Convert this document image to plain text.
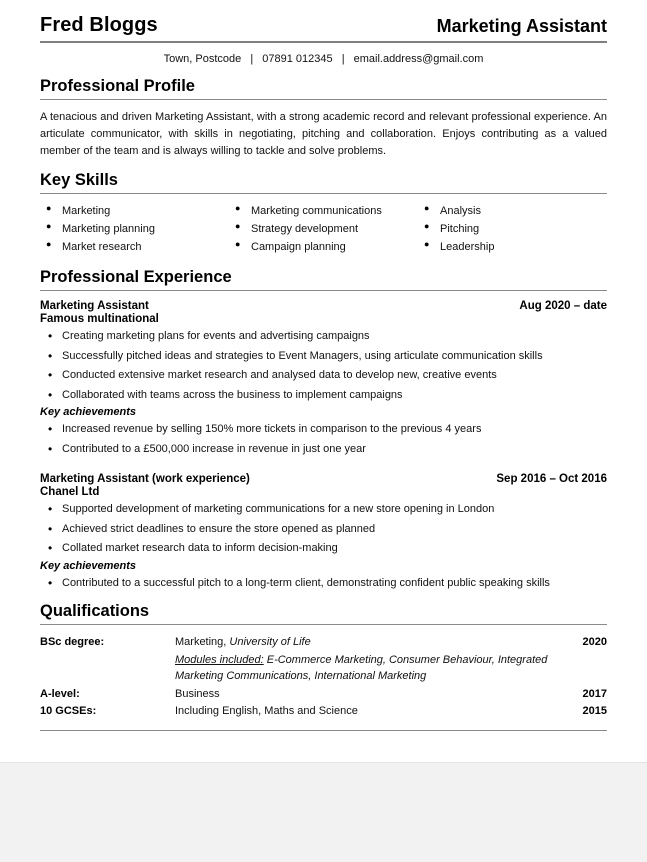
Fred Bloggs	Marketing Assistant
Town, Postcode | 07891 012345 | email.address@gmail.com
Professional Profile

A tenacious and driven Marketing Assistant, with a strong academic record and relevant professional experience. An articulate communicator, with skills in negotiating, pitching and collaboration. Enjoys contributing as a valued member of the team and is always willing to tackle and solve problems.

Key Skills
● Marketing
● Marketing planning
● Market research
● Marketing communications
● Strategy development
● Campaign planning
● Analysis
● Pitching
● Leadership
Professional Experience
Marketing Assistant	Aug 2020 – date
Famous multinational
• Creating marketing plans for events and advertising campaigns
• Successfully pitched ideas and strategies to Event Managers, using articulate communication skills
• Conducted extensive market research and analysed data to develop new, creative events
• Collaborated with teams across the business to implement campaigns
Key achievements
• Increased revenue by selling 150% more tickets in comparison to the previous 4 years
• Contributed to a £500,000 increase in revenue in just one year
Marketing Assistant (work experience)	Sep 2016 – Oct 2016
Chanel Ltd
• Supported development of marketing communications for a new store opening in London
• Achieved strict deadlines to ensure the store opened as planned
• Collated market research data to inform decision-making
Key achievements
• Contributed to a successful pitch to a long-term client, demonstrating confident public speaking skills
Qualifications
BSc degree:	Marketing, University of Life	2020
Modules included: E-Commerce Marketing, Consumer Behaviour, Integrated Marketing Communications, International Marketing
A-level:	Business	2017
10 GCSEs:	Including English, Maths and Science	2015
